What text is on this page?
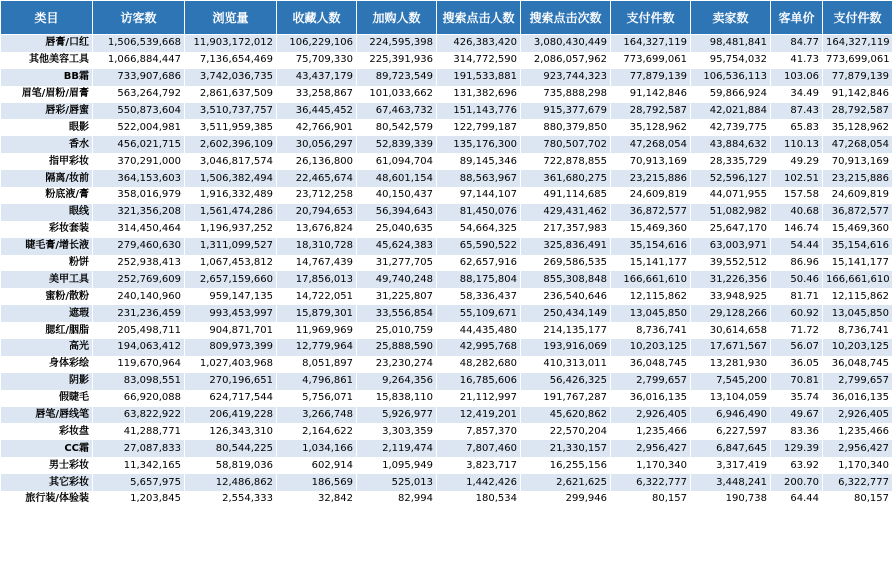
类目	访客数	浏览量	收藏人数	加购人数	搜索点击人数	搜索点击次数	支付件数	卖家数	客单价	支付件数
唇膏/口红	1,506,539,668	11,903,172,012	106,229,106	224,595,398	426,383,420	3,080,430,449	164,327,119	98,481,841	84.77	164,327,119
其他美容工具	1,066,884,447	7,136,654,469	75,709,330	225,391,936	314,772,590	2,086,057,962	773,699,061	95,754,032	41.73	773,699,061
BB霜	733,907,686	3,742,036,735	43,437,179	89,723,549	191,533,881	923,744,323	77,879,139	106,536,113	103.06	77,879,139
眉笔/眉粉/眉膏	563,264,792	2,861,637,509	33,258,867	101,033,662	131,382,696	735,888,298	91,142,846	59,866,924	34.49	91,142,846
唇彩/唇蜜	550,873,604	3,510,737,757	36,445,452	67,463,732	151,143,776	915,377,679	28,792,587	42,021,884	87.43	28,792,587
眼影	522,004,981	3,511,959,385	42,766,901	80,542,579	122,799,187	880,379,850	35,128,962	42,739,775	65.83	35,128,962
香水	456,021,715	2,602,396,109	30,056,297	52,839,339	135,176,300	780,507,702	47,268,054	43,884,632	110.13	47,268,054
指甲彩妆	370,291,000	3,046,817,574	26,136,800	61,094,704	89,145,346	722,878,855	70,913,169	28,335,729	49.29	70,913,169
隔离/妆前	364,153,603	1,506,382,494	22,465,674	48,601,154	88,563,967	361,680,275	23,215,886	52,596,127	102.51	23,215,886
粉底液/膏	358,016,979	1,916,332,489	23,712,258	40,150,437	97,144,107	491,114,685	24,609,819	44,071,955	157.58	24,609,819
眼线	321,356,208	1,561,474,286	20,794,653	56,394,643	81,450,076	429,431,462	36,872,577	51,082,982	40.68	36,872,577
彩妆套装	314,450,464	1,196,937,252	13,676,824	25,040,635	54,664,325	217,357,983	15,469,360	25,647,170	146.74	15,469,360
睫毛膏/增长液	279,460,630	1,311,099,527	18,310,728	45,624,383	65,590,522	325,836,491	35,154,616	63,003,971	54.44	35,154,616
粉饼	252,938,413	1,067,453,812	14,767,439	31,277,705	62,657,916	269,586,535	15,141,177	39,552,512	86.96	15,141,177
美甲工具	252,769,609	2,657,159,660	17,856,013	49,740,248	88,175,804	855,308,848	166,661,610	31,226,356	50.46	166,661,610
蜜粉/散粉	240,140,960	959,147,135	14,722,051	31,225,807	58,336,437	236,540,646	12,115,862	33,948,925	81.71	12,115,862
遮瑕	231,236,459	993,453,997	15,879,301	33,556,854	55,109,671	250,434,149	13,045,850	29,128,266	60.92	13,045,850
腮红/胭脂	205,498,711	904,871,701	11,969,969	25,010,759	44,435,480	214,135,177	8,736,741	30,614,658	71.72	8,736,741
高光	194,063,412	809,973,399	12,779,964	25,888,590	42,995,768	193,916,069	10,203,125	17,671,567	56.07	10,203,125
身体彩绘	119,670,964	1,027,403,968	8,051,897	23,230,274	48,282,680	410,313,011	36,048,745	13,281,930	36.05	36,048,745
阴影	83,098,551	270,196,651	4,796,861	9,264,356	16,785,606	56,426,325	2,799,657	7,545,200	70.81	2,799,657
假睫毛	66,920,088	624,717,544	5,756,071	15,838,110	21,112,997	191,767,287	36,016,135	13,104,059	35.74	36,016,135
唇笔/唇线笔	63,822,922	206,419,228	3,266,748	5,926,977	12,419,201	45,620,862	2,926,405	6,946,490	49.67	2,926,405
彩妆盘	41,288,771	126,343,310	2,164,622	3,303,359	7,857,370	22,570,204	1,235,466	6,227,597	83.36	1,235,466
CC霜	27,087,833	80,544,225	1,034,166	2,119,474	7,807,460	21,330,157	2,956,427	6,847,645	129.39	2,956,427
男士彩妆	11,342,165	58,819,036	602,914	1,095,949	3,823,717	16,255,156	1,170,340	3,317,419	63.92	1,170,340
其它彩妆	5,657,975	12,486,862	186,569	525,013	1,442,426	2,621,625	6,322,777	3,448,241	200.70	6,322,777
旅行装/体验装	1,203,845	2,554,333	32,842	82,994	180,534	299,946	80,157	190,738	64.44	80,157
